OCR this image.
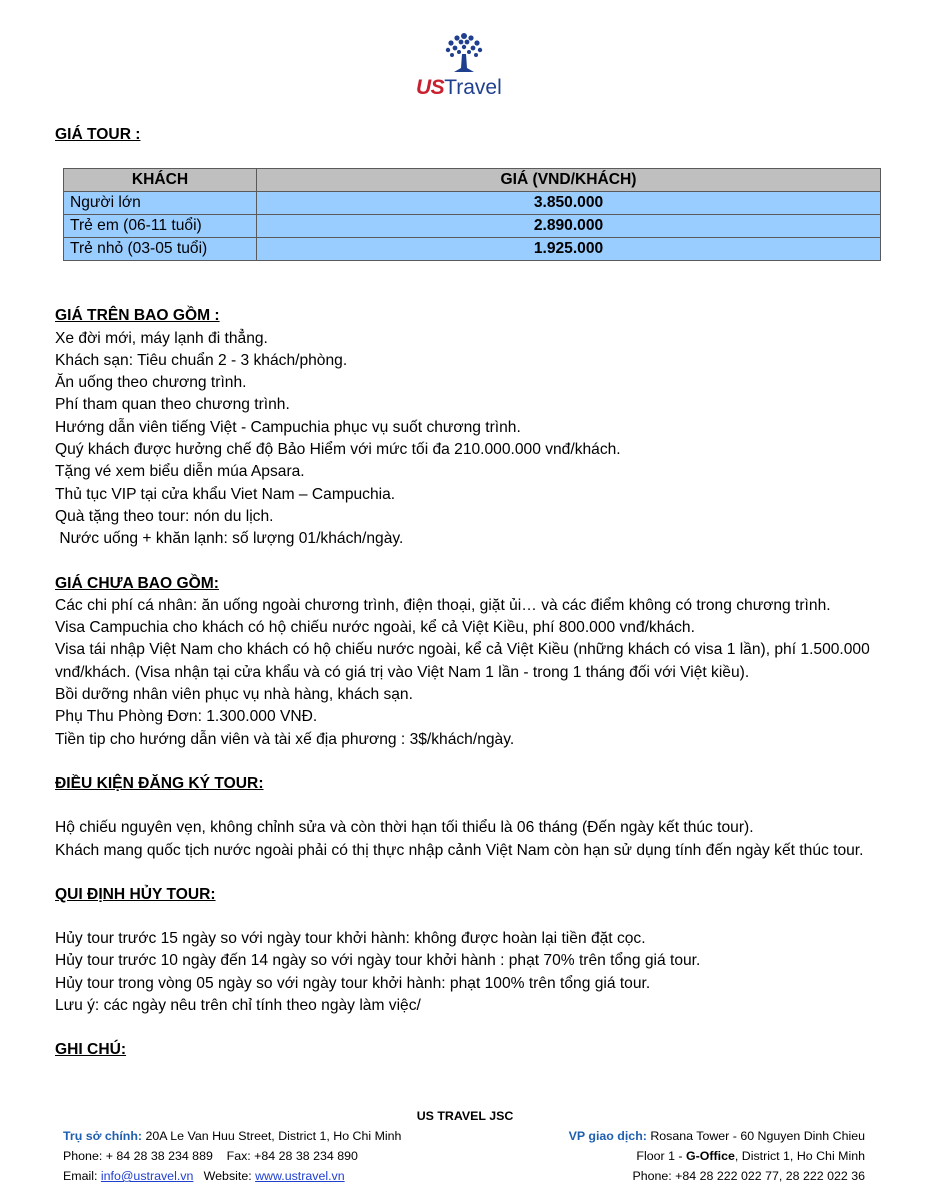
USTravel

GIÁ TOUR :

KHÁCH	GIÁ (VND/KHÁCH)
Người lớn	3.850.000
Trẻ em (06-11 tuổi)	2.890.000
Trẻ nhỏ (03-05 tuổi)	1.925.000

GIÁ TRÊN BAO GỒM :

Xe đời mới, máy lạnh đi thẳng.

Khách sạn: Tiêu chuẩn 2 - 3 khách/phòng.

Ăn uống theo chương trình.

Phí tham quan theo chương trình.

Hướng dẫn viên tiếng Việt - Campuchia phục vụ suốt chương trình.

Quý khách được hưởng chế độ Bảo Hiểm với mức tối đa 210.000.000 vnđ/khách.

Tặng vé xem biểu diễn múa Apsara.

Thủ tục VIP tại cửa khẩu Viet Nam – Campuchia.

Quà tặng theo tour: nón du lịch.

Nước uống + khăn lạnh: số lượng 01/khách/ngày.

GIÁ CHƯA BAO GỒM:

Các chi phí cá nhân: ăn uống ngoài chương trình, điện thoại, giặt ủi… và các điểm không có trong chương trình.

Visa Campuchia cho khách có hộ chiếu nước ngoài, kể cả Việt Kiều, phí 800.000 vnđ/khách.

Visa tái nhập Việt Nam cho khách có hộ chiếu nước ngoài, kể cả Việt Kiều (những khách có visa 1 lần), phí 1.500.000 vnđ/khách. (Visa nhận tại cửa khẩu và có giá trị vào Việt Nam 1 lần - trong 1 tháng đối với Việt kiều).

Bồi dưỡng nhân viên phục vụ nhà hàng, khách sạn.

Phụ Thu Phòng Đơn: 1.300.000 VNĐ.

Tiền tip cho hướng dẫn viên và tài xế địa phương : 3$/khách/ngày.

ĐIỀU KIỆN ĐĂNG KÝ TOUR:

Hộ chiếu nguyên vẹn, không chỉnh sửa và còn thời hạn tối thiểu là 06 tháng (Đến ngày kết thúc tour).

Khách mang quốc tịch nước ngoài phải có thị thực nhập cảnh Việt Nam còn hạn sử dụng tính đến ngày kết thúc tour.

QUI ĐỊNH HỦY TOUR:

Hủy tour trước 15 ngày so với ngày tour khởi hành: không được hoàn lại tiền đặt cọc.

Hủy tour trước 10 ngày đến 14 ngày so với ngày tour khởi hành : phạt 70% trên tổng giá tour.

Hủy tour trong vòng 05 ngày so với ngày tour khởi hành: phạt 100% trên tổng giá tour.

Lưu ý: các ngày nêu trên chỉ tính theo ngày làm việc/

GHI CHÚ:

US TRAVEL JSC
Trụ sở chính: 20A Le Van Huu Street, District 1, Ho Chi Minh
Phone: + 84 28 38 234 889    Fax: +84 28 38 234 890
Email: info@ustravel.vn   Website: www.ustravel.vn
VP giao dịch: Rosana Tower - 60 Nguyen Dinh Chieu
Floor 1 - G-Office, District 1, Ho Chi Minh
Phone: +84 28 222 022 77, 28 222 022 36
